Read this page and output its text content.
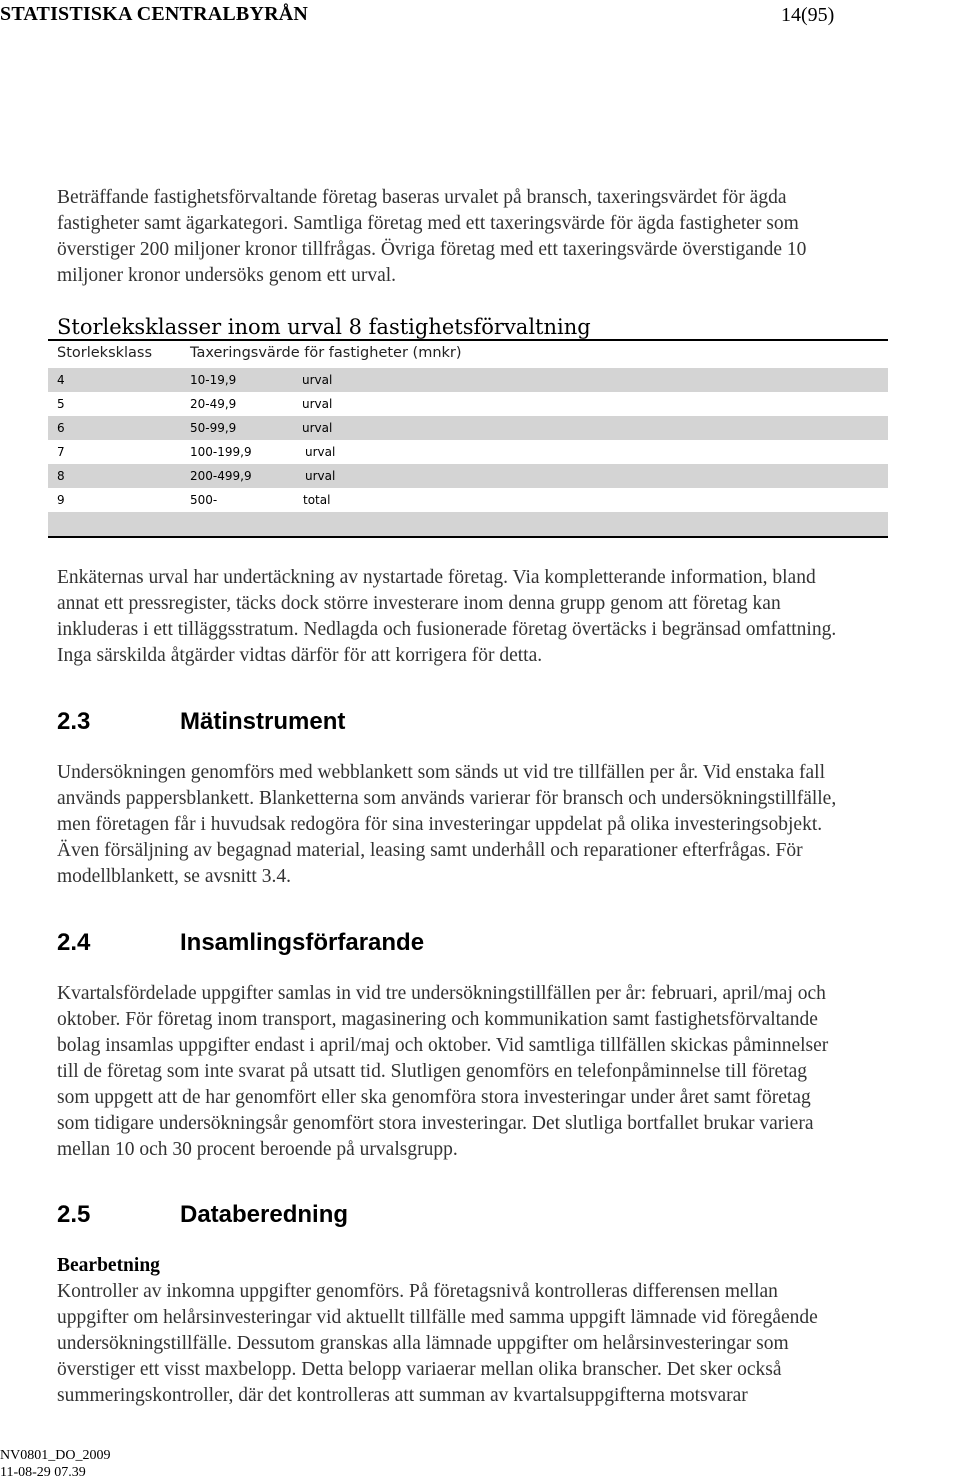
STATISTISKA CENTRALBYRÅN	14(95)

Beträffande fastighetsförvaltande företag baseras urvalet på bransch, taxeringsvärdet för ägda

fastigheter samt ägarkategori. Samtliga företag med ett taxeringsvärde för ägda fastigheter som

överstiger 200 miljoner kronor tillfrågas. Övriga företag med ett taxeringsvärde överstigande 10

miljoner kronor undersöks genom ett urval.

Storleksklasser inom urval 8 fastighetsförvaltning
Storleksklass	Taxeringsvärde för fastigheter (mnkr)
4	10-19,9	urval
5	20-49,9	urval
6	50-99,9	urval
7	100-199,9	urval
8	200-499,9	urval
9	500-	total

Enkäternas urval har undertäckning av nystartade företag. Via kompletterande information, bland

annat ett pressregister, täcks dock större investerare inom denna grupp genom att företag kan

inkluderas i ett tilläggsstratum. Nedlagda och fusionerade företag övertäcks i begränsad omfattning.

Inga särskilda åtgärder vidtas därför för att korrigera för detta.

2.3	Mätinstrument

Undersökningen genomförs med webblankett som sänds ut vid tre tillfällen per år. Vid enstaka fall

används pappersblankett. Blanketterna som används varierar för bransch och undersökningstillfälle,

men företagen får i huvudsak redogöra för sina investeringar uppdelat på olika investeringsobjekt.

Även försäljning av begagnad material, leasing samt underhåll och reparationer efterfrågas. För

modellblankett, se avsnitt 3.4.

2.4	Insamlingsförfarande

Kvartalsfördelade uppgifter samlas in vid tre undersökningstillfällen per år: februari, april/maj och

oktober. För företag inom transport, magasinering och kommunikation samt fastighetsförvaltande

bolag insamlas uppgifter endast i april/maj och oktober. Vid samtliga tillfällen skickas påminnelser

till de företag som inte svarat på utsatt tid. Slutligen genomförs en telefonpåminnelse till företag

som uppgett att de har genomfört eller ska genomföra stora investeringar under året samt företag

som tidigare undersökningsår genomfört stora investeringar. Det slutliga bortfallet brukar variera

mellan 10 och 30 procent beroende på urvalsgrupp.

2.5	Databeredning
Bearbetning

Kontroller av inkomna uppgifter genomförs. På företagsnivå kontrolleras differensen mellan

uppgifter om helårsinvesteringar vid aktuellt tillfälle med samma uppgift lämnade vid föregående

undersökningstillfälle. Dessutom granskas alla lämnade uppgifter om helårsinvesteringar som

överstiger ett visst maxbelopp. Detta belopp variaerar mellan olika branscher. Det sker också

summeringskontroller, där det kontrolleras att summan av kvartalsuppgifterna motsvarar

NV0801_DO_2009
11-08-29 07.39
